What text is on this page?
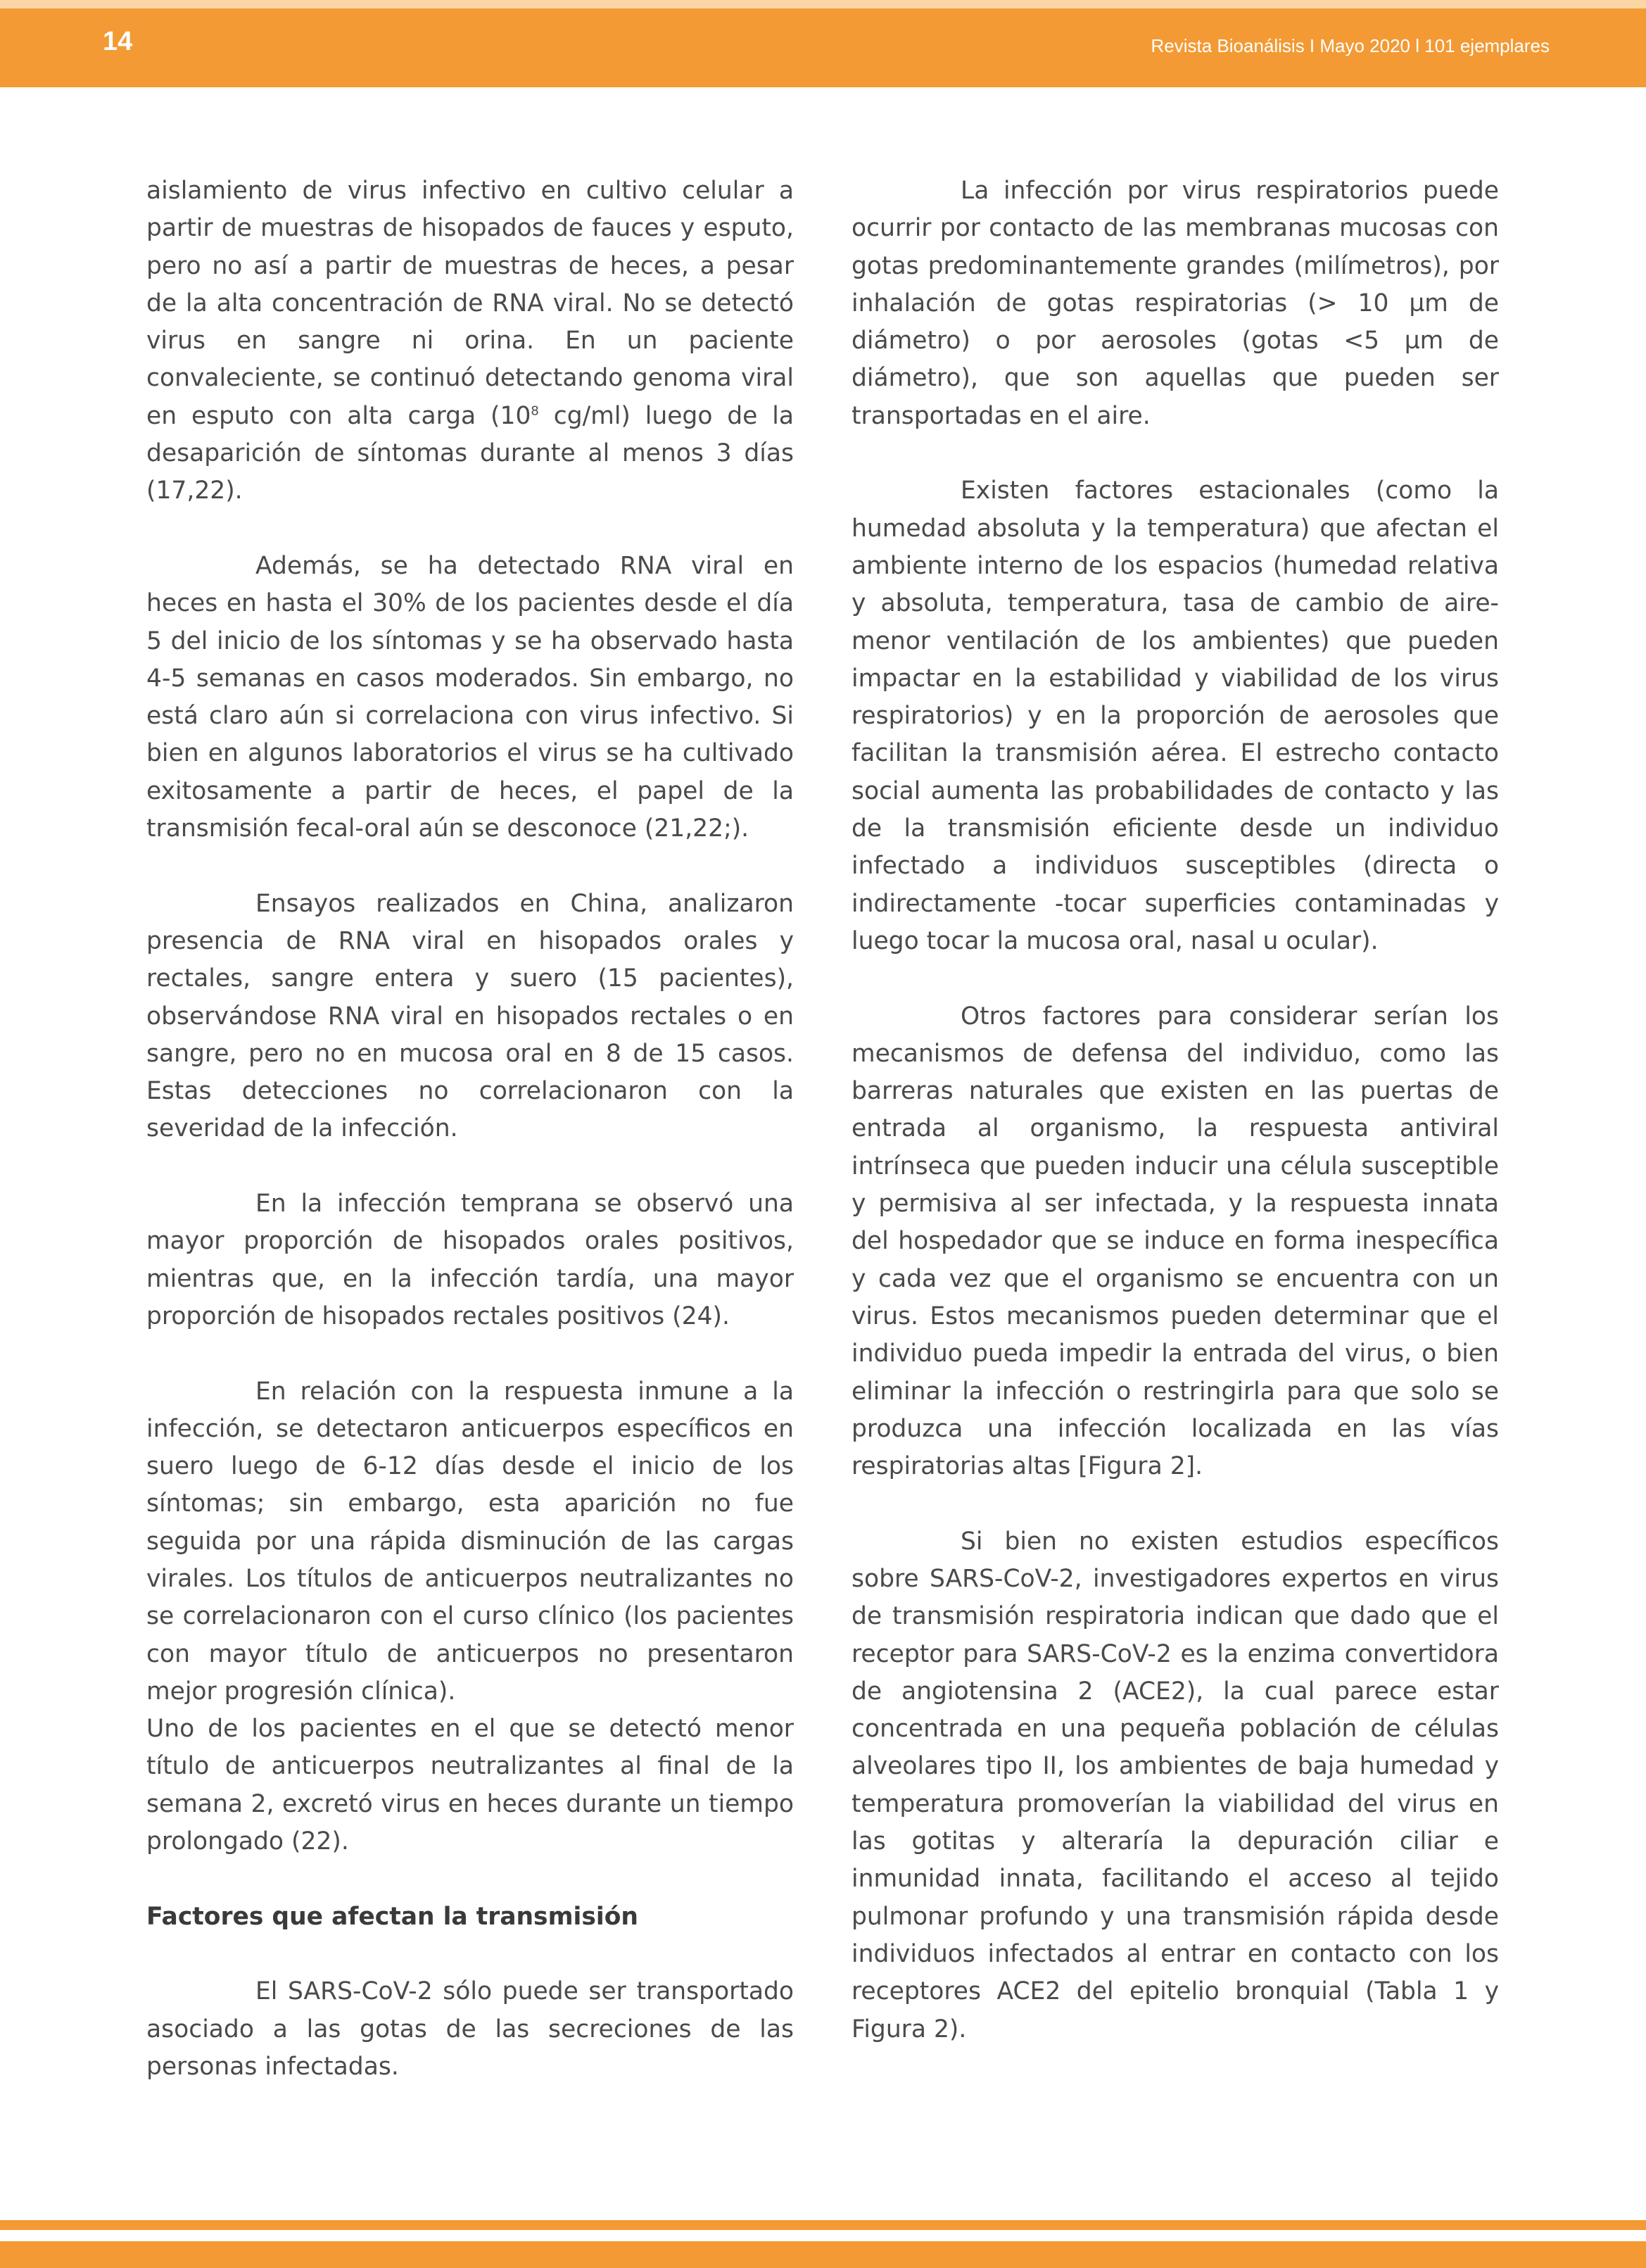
14	Revista Bioanálisis I Mayo 2020 l 101 ejemplares

aislamiento de virus infectivo en cultivo celular a partir de muestras de hisopados de fauces y esputo, pero no así a partir de muestras de heces, a pesar de la alta concentración de RNA viral. No se detectó virus en sangre ni orina. En un paciente convaleciente, se continuó detectando genoma viral en esputo con alta carga ($10^8$ cg/ml) luego de la desaparición de síntomas durante al menos 3 días (17,22).

Además, se ha detectado RNA viral en heces en hasta el 30% de los pacientes desde el día 5 del inicio de los síntomas y se ha observado hasta 4-5 semanas en casos moderados. Sin embargo, no está claro aún si correlaciona con virus infectivo. Si bien en algunos laboratorios el virus se ha cultivado exitosamente a partir de heces, el papel de la transmisión fecal-oral aún se desconoce (21,22;).

Ensayos realizados en China, analizaron presencia de RNA viral en hisopados orales y rectales, sangre entera y suero (15 pacientes), observándose RNA viral en hisopados rectales o en sangre, pero no en mucosa oral en 8 de 15 casos. Estas detecciones no correlacionaron con la severidad de la infección.

En la infección temprana se observó una mayor proporción de hisopados orales positivos, mientras que, en la infección tardía, una mayor proporción de hisopados rectales positivos (24).

En relación con la respuesta inmune a la infección, se detectaron anticuerpos específicos en suero luego de 6-12 días desde el inicio de los síntomas; sin embargo, esta aparición no fue seguida por una rápida disminución de las cargas virales. Los títulos de anticuerpos neutralizantes no se correlacionaron con el curso clínico (los pacientes con mayor título de anticuerpos no presentaron mejor progresión clínica).

Uno de los pacientes en el que se detectó menor título de anticuerpos neutralizantes al final de la semana 2, excretó virus en heces durante un tiempo prolongado (22).

Factores que afectan la transmisión

El SARS-CoV-2 sólo puede ser transportado asociado a las gotas de las secreciones de las personas infectadas.

La infección por virus respiratorios puede ocurrir por contacto de las membranas mucosas con gotas predominantemente grandes (milímetros), por inhalación de gotas respiratorias (> 10 µm de diámetro) o por aerosoles (gotas <5 µm de diámetro), que son aquellas que pueden ser transportadas en el aire.

Existen factores estacionales (como la humedad absoluta y la temperatura) que afectan el ambiente interno de los espacios (humedad relativa y absoluta, temperatura, tasa de cambio de aire-menor ventilación de los ambientes) que pueden impactar en la estabilidad y viabilidad de los virus respiratorios) y en la proporción de aerosoles que facilitan la transmisión aérea. El estrecho contacto social aumenta las probabilidades de contacto y las de la transmisión eficiente desde un individuo infectado a individuos susceptibles (directa o indirectamente -tocar superficies contaminadas y luego tocar la mucosa oral, nasal u ocular).

Otros factores para considerar serían los mecanismos de defensa del individuo, como las barreras naturales que existen en las puertas de entrada al organismo, la respuesta antiviral intrínseca que pueden inducir una célula susceptible y permisiva al ser infectada, y la respuesta innata del hospedador que se induce en forma inespecífica y cada vez que el organismo se encuentra con un virus. Estos mecanismos pueden determinar que el individuo pueda impedir la entrada del virus, o bien eliminar la infección o restringirla para que solo se produzca una infección localizada en las vías respiratorias altas [Figura 2].

Si bien no existen estudios específicos sobre SARS-CoV-2, investigadores expertos en virus de transmisión respiratoria indican que dado que el receptor para SARS-CoV-2 es la enzima convertidora de angiotensina 2 (ACE2), la cual parece estar concentrada en una pequeña población de células alveolares tipo II, los ambientes de baja humedad y temperatura promoverían la viabilidad del virus en las gotitas y alteraría la depuración ciliar e inmunidad innata, facilitando el acceso al tejido pulmonar profundo y una transmisión rápida desde individuos infectados al entrar en contacto con los receptores ACE2 del epitelio bronquial (Tabla 1 y Figura 2).
